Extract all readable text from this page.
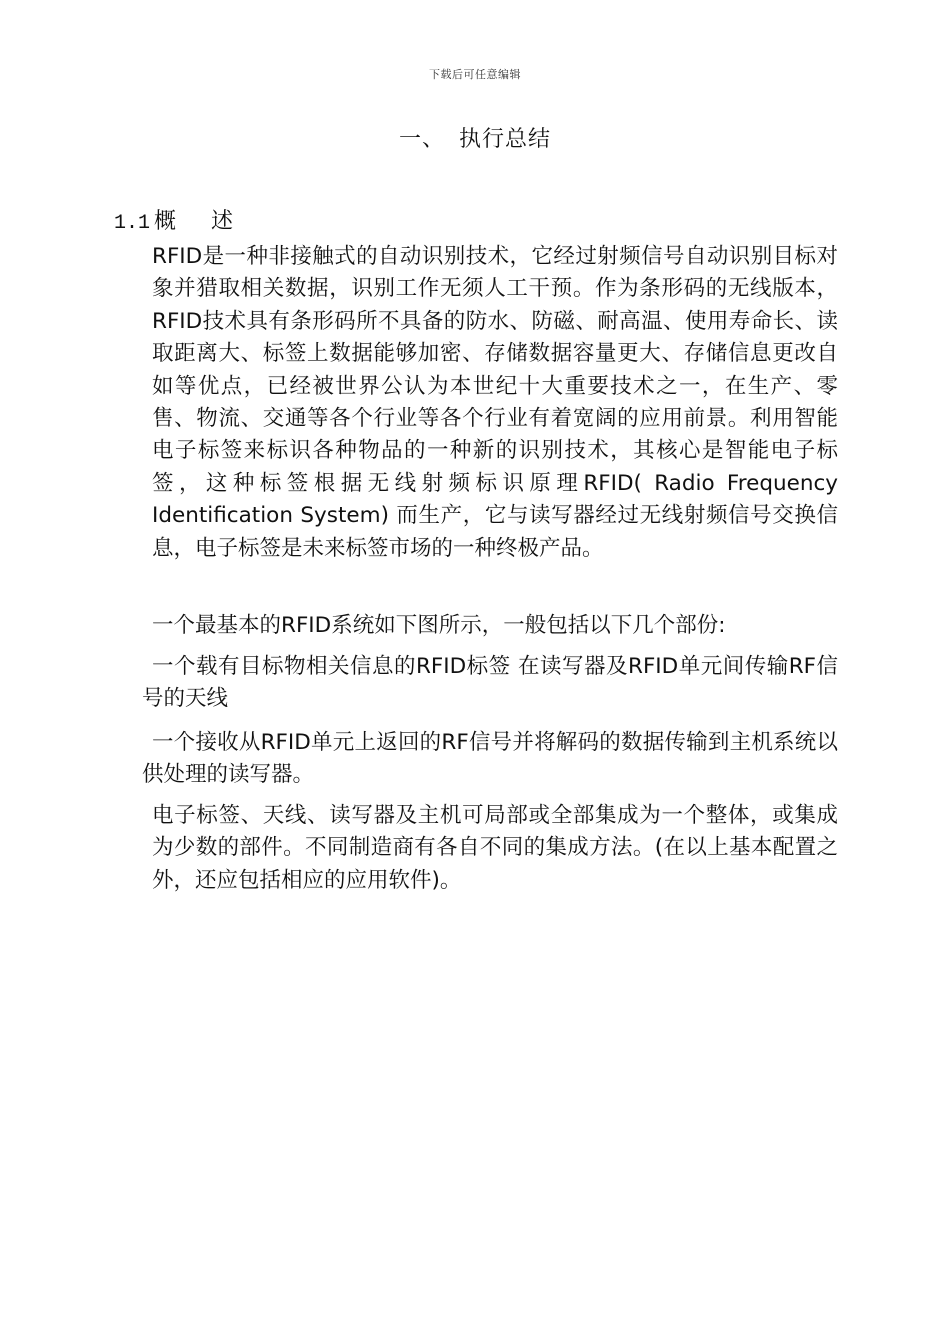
下载后可任意编辑
一、 执行总结
1.1 概 述

RFID是一种非接触式的自动识别技术，它经过射频信号自动识别目标对象并猎取相关数据，识别工作无须人工干预。作为条形码的无线版本，RFID技术具有条形码所不具备的防水、防磁、耐高温、使用寿命长、读取距离大、标签上数据能够加密、存储数据容量更大、存储信息更改自如等优点，已经被世界公认为本世纪十大重要技术之一，在生产、零售、物流、交通等各个行业等各个行业有着宽阔的应用前景。利用智能电子标签来标识各种物品的一种新的识别技术，其核心是智能电子标签，这种标签根据无线射频标识原理RFID( Radio Frequency Identification System) 而生产，它与读写器经过无线射频信号交换信息，电子标签是未来标签市场的一种终极产品。

一个最基本的RFID系统如下图所示，一般包括以下几个部份:

一个载有目标物相关信息的RFID标签 在读写器及RFID单元间传输RF信号的天线

一个接收从RFID单元上返回的RF信号并将解码的数据传输到主机系统以供处理的读写器。

电子标签、天线、读写器及主机可局部或全部集成为一个整体，或集成为少数的部件。不同制造商有各自不同的集成方法。(在以上基本配置之外，还应包括相应的应用软件)。
